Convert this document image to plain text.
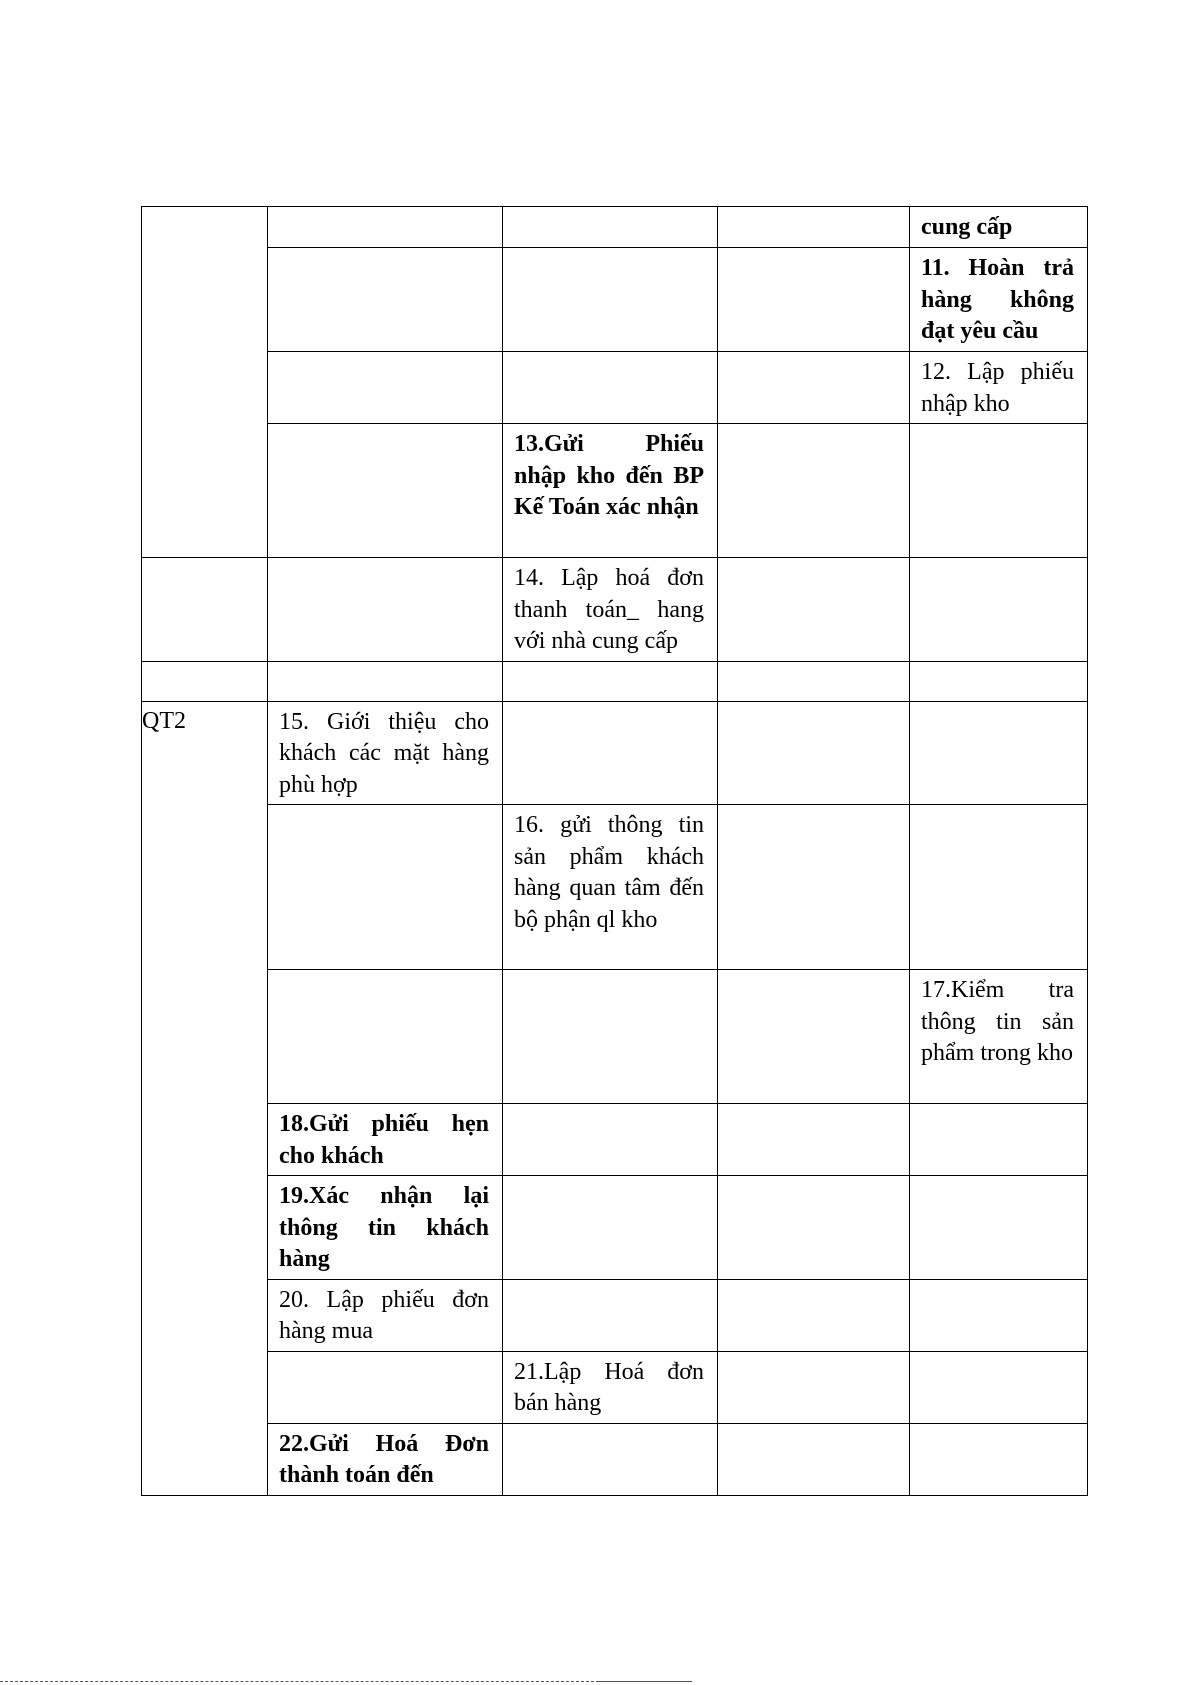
				cung cấp
				11. Hoàn trả hàng không đạt yêu cầu
				12. Lập phiếu nhập kho
		13.Gửi Phiếu nhập kho đến BP Kế Toán xác nhận		
		14. Lập hoá đơn thanh toán_ hang với nhà cung cấp		

QT2	15. Giới thiệu cho khách các mặt hàng phù hợp			
		16. gửi thông tin sản phẩm khách hàng quan tâm đến bộ phận ql kho		
				17.Kiểm tra thông tin sản phẩm trong kho
	18.Gửi phiếu hẹn cho khách			
	19.Xác nhận lại thông tin khách hàng			
	20. Lập phiếu đơn hàng mua			
		21.Lập Hoá đơn bán hàng		
	22.Gửi Hoá Đơn thành toán đến			
